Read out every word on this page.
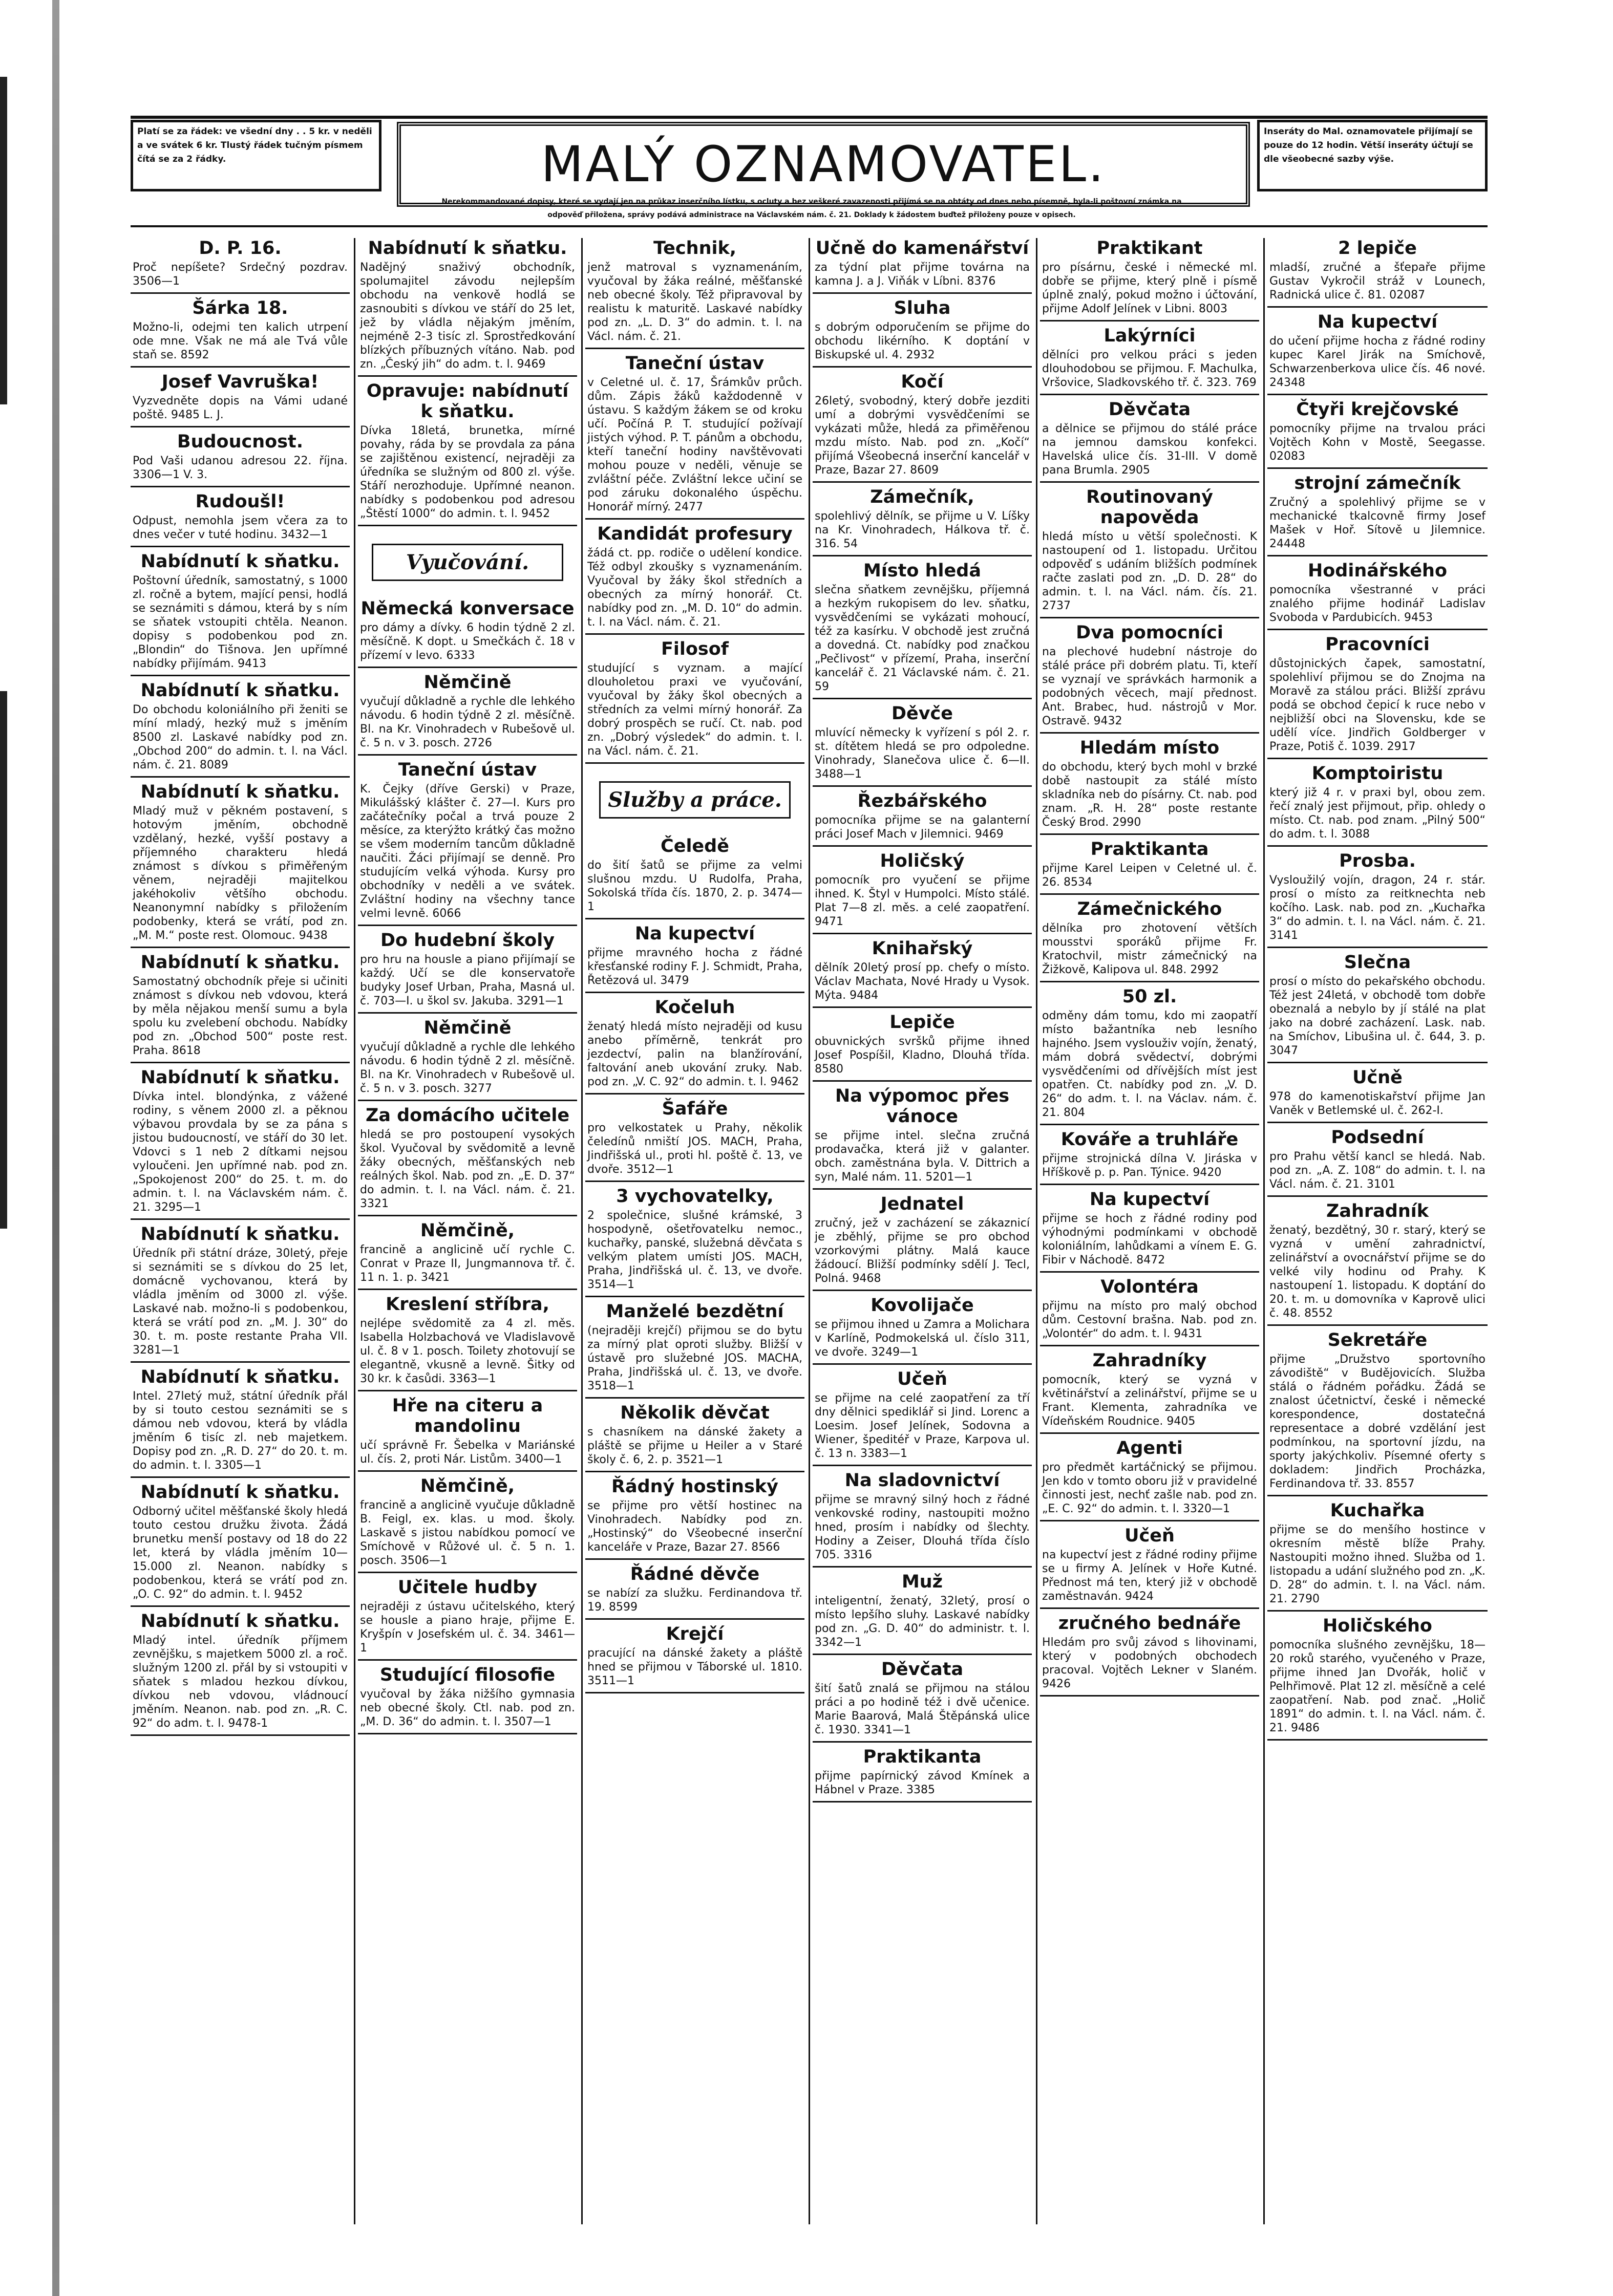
Platí se za řádek: ve všední dny . . 5 kr. v neděli a ve svátek 6 kr. Tlustý řádek tučným písmem čítá se za 2 řádky.	MALÝ OZNAMOVATEL.
Inseráty do Mal. oznamovatele přijímají se pouze do 12 hodin. Větší inseráty účtují se dle všeobecné sazby výše.
Nerekommandované dopisy, které se vydají jen na průkaz inserčního lístku, s ocluty a bez veškeré zavazenosti přijímá se na obtáty od dnes nebo písemně, byla-li poštovní známka na
odpověď přiložena, správy podává administrace na Václavském nám. č. 21. Doklady k žádostem buďtež přiloženy pouze v opisech.
D. P. 16.
Proč nepíšete? Srdečný pozdrav. 3506—1
Šárka 18.
Možno-li, odejmi ten kalich utrpení ode mne. Však ne má ale Tvá vůle staň se. 8592
Josef Vavruška!
Vyzvedněte dopis na Vámi udané poště. 9485 L. J.
Budoucnost.
Pod Vaši udanou adresou 22. října. 3306—1 V. 3.
Rudoušl!
Odpust, nemohla jsem včera za to dnes večer v tuté hodinu. 3432—1
Nabídnutí k sňatku.
Poštovní úředník, samostatný, s 1000 zl. ročně a bytem, mající pensi, hodlá se seznámiti s dámou, která by s ním se sňatek vstoupiti chtěla. Neanon. dopisy s podobenkou pod zn. „Blondin“ do Tišnova. Jen upřímné nabídky přijímám. 9413
Nabídnutí k sňatku.
Do obchodu koloniálního při ženiti se míní mladý, hezký muž s jměním 8500 zl. Laskavé nabídky pod zn. „Obchod 200“ do admin. t. l. na Václ. nám. č. 21. 8089
Nabídnutí k sňatku.
Mladý muž v pěkném postavení, s hotovým jměním, obchodně vzdělaný, hezké, vyšší postavy a příjemného charakteru hledá známost s dívkou s přiměřeným věnem, nejraději majitelkou jakéhokoliv většího obchodu. Neanonymní nabídky s přiložením podobenky, která se vrátí, pod zn. „M. M.“ poste rest. Olomouc. 9438
Nabídnutí k sňatku.
Samostatný obchodník přeje si učiniti známost s dívkou neb vdovou, která by měla nějakou menší sumu a byla spolu ku zvelebení obchodu. Nabídky pod zn. „Obchod 500“ poste rest. Praha. 8618
Nabídnutí k sňatku.
Dívka intel. blondýnka, z vážené rodiny, s věnem 2000 zl. a pěknou výbavou provdala by se za pána s jistou budoucností, ve stáří do 30 let. Vdovci s 1 neb 2 dítkami nejsou vyloučeni. Jen upřímné nab. pod zn. „Spokojenost 200“ do 25. t. m. do admin. t. l. na Václavském nám. č. 21. 3295—1
Nabídnutí k sňatku.
Úředník při státní dráze, 30letý, přeje si seznámiti se s dívkou do 25 let, domácně vychovanou, která by vládla jměním od 3000 zl. výše. Laskavé nab. možno-li s podobenkou, která se vrátí pod zn. „M. J. 30“ do 30. t. m. poste restante Praha VII. 3281—1
Nabídnutí k sňatku.
Intel. 27letý muž, státní úředník přál by si touto cestou seznámiti se s dámou neb vdovou, která by vládla jměním 6 tisíc zl. neb majetkem. Dopisy pod zn. „R. D. 27“ do 20. t. m. do admin. t. l. 3305—1
Nabídnutí k sňatku.
Odborný učitel měšťanské školy hledá touto cestou družku života. Žádá brunetku menší postavy od 18 do 22 let, která by vládla jměním 10—15.000 zl. Neanon. nabídky s podobenkou, která se vrátí pod zn. „O. C. 92“ do admin. t. l. 9452
Nabídnutí k sňatku.
Mladý intel. úředník příjmem zevnějšku, s majetkem 5000 zl. a roč. služným 1200 zl. přál by si vstoupiti v sňatek s mladou hezkou dívkou, dívkou neb vdovou, vládnoucí jměním. Neanon. nab. pod zn. „R. C. 92“ do adm. t. l. 9478-1
Nabídnutí k sňatku.
Nadějný snaživý obchodník, spolumajitel závodu nejlepším obchodu na venkově hodlá se zasnoubiti s dívkou ve stáří do 25 let, jež by vládla nějakým jměním, nejméně 2-3 tisíc zl. Sprostředkování blízkých příbuzných vítáno. Nab. pod zn. „Český jih“ do adm. t. l. 9469
Opravuje: nabídnutí k sňatku.
Dívka 18letá, brunetka, mírné povahy, ráda by se provdala za pána se zajištěnou existencí, nejraději za úředníka se služným od 800 zl. výše. Stáří nerozhoduje. Upřímné neanon. nabídky s podobenkou pod adresou „Štěstí 1000“ do admin. t. l. 9452
Vyučování.
Německá konversace
pro dámy a dívky. 6 hodin týdně 2 zl. měsíčně. K dopt. u Smečkách č. 18 v přízemí v levo. 6333
Němčině
vyučují důkladně a rychle dle lehkého návodu. 6 hodin týdně 2 zl. měsíčně. Bl. na Kr. Vinohradech v Rubešově ul. č. 5 n. v 3. posch. 2726
Taneční ústav
K. Čejky (dříve Gerski) v Praze, Mikulášský klášter č. 27—I. Kurs pro začátečníky počal a trvá pouze 2 měsíce, za kterýžto krátký čas možno se všem moderním tancům důkladně naučiti. Žáci přijímají se denně. Pro studujícím velká výhoda. Kursy pro obchodníky v neděli a ve svátek. Zvláštní hodiny na všechny tance velmi levně. 6066
Do hudební školy
pro hru na housle a piano přijímají se každý. Učí se dle konservatoře budyky Josef Urban, Praha, Masná ul. č. 703—I. u škol sv. Jakuba. 3291—1
Němčině
vyučují důkladně a rychle dle lehkého návodu. 6 hodin týdně 2 zl. měsíčně. Bl. na Kr. Vinohradech v Rubešově ul. č. 5 n. v 3. posch. 3277
Za domácího učitele
hledá se pro postoupení vysokých škol. Vyučoval by svědomitě a levně žáky obecných, měšťanských neb reálných škol. Nab. pod zn. „E. D. 37“ do admin. t. l. na Václ. nám. č. 21. 3321
Němčině,
francině a anglicině učí rychle C. Conrat v Praze II, Jungmannova tř. č. 11 n. 1. p. 3421
Kreslení stříbra,
nejlépe svědomitě za 4 zl. měs. Isabella Holzbachová ve Vladislavově ul. č. 8 v 1. posch. Toilety zhotovují se elegantně, vkusně a levně. Šitky od 30 kr. k časůdi. 3363—1
Hře na citeru a mandolinu
učí správně Fr. Šebelka v Mariánské ul. čís. 2, proti Nár. Listům. 3400—1
Němčině,
francině a anglicině vyučuje důkladně B. Feigl, ex. klas. u mod. školy. Laskavě s jistou nabídkou pomocí ve Smíchově v Růžové ul. č. 5 n. 1. posch. 3506—1
Učitele hudby
nejraději z ústavu učitelského, který se housle a piano hraje, přijme E. Kryšpín v Josefském ul. č. 34. 3461—1
Studující filosofie
vyučoval by žáka nižšího gymnasia neb obecné školy. Ctl. nab. pod zn. „M. D. 36“ do admin. t. l. 3507—1
Technik,
jenž matroval s vyznamenáním, vyučoval by žáka reálné, měšťanské neb obecné školy. Též připravoval by realistu k maturitě. Laskavé nabídky pod zn. „L. D. 3“ do admin. t. l. na Václ. nám. č. 21.
Taneční ústav
v Celetné ul. č. 17, Šrámkův průch. dům. Zápis žáků každodenně v ústavu. S každým žákem se od kroku učí. Počíná P. T. studující požívají jistých výhod. P. T. pánům a obchodu, kteří taneční hodiny navštěvovati mohou pouze v neděli, věnuje se zvláštní péče. Zvláštní lekce učiní se pod záruku dokonalého úspěchu. Honorář mírný. 2477
Kandidát profesury
žádá ct. pp. rodiče o udělení kondice. Též odbyl zkoušky s vyznamenáním. Vyučoval by žáky škol středních a obecných za mírný honorář. Ct. nabídky pod zn. „M. D. 10“ do admin. t. l. na Václ. nám. č. 21.
Filosof
studující s vyznam. a mající dlouholetou praxi ve vyučování, vyučoval by žáky škol obecných a středních za velmi mírný honorář. Za dobrý prospěch se ručí. Ct. nab. pod zn. „Dobrý výsledek“ do admin. t. l. na Václ. nám. č. 21.
Služby a práce.
Čeledě
do šití šatů se přijme za velmi slušnou mzdu. U Rudolfa, Praha, Sokolská třída čís. 1870, 2. p. 3474—1
Na kupectví
přijme mravného hocha z řádné křesťanské rodiny F. J. Schmidt, Praha, Řetězová ul. 3479
Kočeluh
ženatý hledá místo nejraději od kusu anebo příměrně, tenkrát pro jezdectví, palin na blanžírování, faltování aneb ukování zruky. Nab. pod zn. „V. C. 92“ do admin. t. l. 9462
Šafáře
pro velkostatek u Prahy, několik čeledínů nmiští JOS. MACH, Praha, Jindřišská ul., proti hl. poště č. 13, ve dvoře. 3512—1
3 vychovatelky,
2 společnice, slušné krámské, 3 hospodyně, ošetřovatelku nemoc., kuchařky, panské, služebná děvčata s velkým platem umísti JOS. MACH, Praha, Jindřišská ul. č. 13, ve dvoře. 3514—1
Manželé bezdětní
(nejraději krejčí) přijmou se do bytu za mírný plat oproti služby. Bližší v ústavě pro služebné JOS. MACHA, Praha, Jindřišská ul. č. 13, ve dvoře. 3518—1
Několik děvčat
s chasníkem na dánské žakety a pláště se přijme u Heiler a v Staré školy č. 6, 2. p. 3521—1
Řádný hostinský
se přijme pro větší hostinec na Vinohradech. Nabídky pod zn. „Hostinský“ do Všeobecné inserční kanceláře v Praze, Bazar 27. 8566
Řádné děvče
se nabízí za služku. Ferdinandova tř. 19. 8599
Krejčí
pracující na dánské žakety a pláště hned se přijmou v Táborské ul. 1810. 3511—1
Učně do kamenářství
za týdní plat přijme továrna na kamna J. a J. Viňák v Líbni. 8376
Sluha
s dobrým odporučením se přijme do obchodu likérního. K doptání v Biskupské ul. 4. 2932
Kočí
26letý, svobodný, který dobře jezditi umí a dobrými vysvědčeními se vykázati může, hledá za přiměřenou mzdu místo. Nab. pod zn. „Kočí“ přijímá Všeobecná inserční kancelář v Praze, Bazar 27. 8609
Zámečník,
spolehlivý dělník, se přijme u V. Líšky na Kr. Vinohradech, Hálkova tř. č. 316. 54
Místo hledá
slečna sňatkem zevnějšku, příjemná a hezkým rukopisem do lev. sňatku, vysvědčeními se vykázati mohoucí, též za kasírku. V obchodě jest zručná a dovedná. Ct. nabídky pod značkou „Pečlivost“ v přízemí, Praha, inserční kancelář č. 21 Václavské nám. č. 21. 59
Děvče
mluvící německy k vyřízení s pól 2. r. st. dítětem hledá se pro odpoledne. Vinohrady, Slanečova ulice č. 6—II. 3488—1
Řezbářského
pomocníka přijme se na galanterní práci Josef Mach v Jilemnici. 9469
Holičský
pomocník pro vyučení se přijme ihned. K. Štyl v Humpolci. Místo stálé. Plat 7—8 zl. měs. a celé zaopatření. 9471
Knihařský
dělník 20letý prosí pp. chefy o místo. Václav Machata, Nové Hrady u Vysok. Mýta. 9484
Lepiče
obuvnických svršků přijme ihned Josef Pospíšil, Kladno, Dlouhá třída. 8580
Na výpomoc přes vánoce
se přijme intel. slečna zručná prodavačka, která již v galanter. obch. zaměstnána byla. V. Dittrich a syn, Malé nám. 11. 5201—1
Jednatel
zručný, jež v zacházení se zákaznicí je zběhlý, přijme se pro obchod vzorkovými plátny. Malá kauce žádoucí. Bližší podmínky sdělí J. Tecl, Polná. 9468
Kovolijače
se přijmou ihned u Zamra a Molichara v Karlíně, Podmokelská ul. číslo 311, ve dvoře. 3249—1
Učeň
se přijme na celé zaopatření za tří dny dělnici spediklář si Jind. Lorenc a Loesim. Josef Jelínek, Sodovna a Wiener, špeditéř v Praze, Karpova ul. č. 13 n. 3383—1
Na sladovnictví
přijme se mravný silný hoch z řádné venkovské rodiny, nastoupiti možno hned, prosím i nabídky od šlechty. Hodiny a Zeiser, Dlouhá třída číslo 705. 3316
Muž
inteligentní, ženatý, 32letý, prosí o místo lepšího sluhy. Laskavé nabídky pod zn. „G. D. 40“ do administr. t. l. 3342—1
Děvčata
šití šatů znalá se přijmou na stálou práci a po hodině též i dvě učenice. Marie Baarová, Malá Štěpánská ulice č. 1930. 3341—1
Praktikanta
přijme papírnický závod Kmínek a Hábnel v Praze. 3385
Praktikant
pro písárnu, české i německé ml. dobře se přijme, který plně i písmě úplně znalý, pokud možno i účtování, přijme Adolf Jelínek v Libni. 8003
Lakýrníci
dělníci pro velkou práci s jeden dlouhodobou se přijmou. F. Machulka, Vršovice, Sladkovského tř. č. 323. 769
Děvčata
a dělnice se přijmou do stálé práce na jemnou damskou konfekci. Havelská ulice čís. 31-III. V domě pana Brumla. 2905
Routinovaný napověda
hledá místo u větší společnosti. K nastoupení od 1. listopadu. Určitou odpověď s udáním bližších podmínek račte zaslati pod zn. „D. D. 28“ do admin. t. l. na Václ. nám. čís. 21. 2737
Dva pomocníci
na plechové hudební nástroje do stálé práce při dobrém platu. Ti, kteří se vyznají ve správkách harmonik a podobných věcech, mají přednost. Ant. Brabec, hud. nástrojů v Mor. Ostravě. 9432
Hledám místo
do obchodu, který bych mohl v brzké době nastoupit za stálé místo skladníka neb do písárny. Ct. nab. pod znam. „R. H. 28“ poste restante Český Brod. 2990
Praktikanta
přijme Karel Leipen v Celetné ul. č. 26. 8534
Zámečnického
dělníka pro zhotovení větších mousstvi sporáků přijme Fr. Kratochvil, mistr zámečnický na Žižkově, Kalipova ul. 848. 2992
50 zl.
odměny dám tomu, kdo mi zaopatří místo bažantníka neb lesního hajného. Jsem vyslouživ vojín, ženatý, mám dobrá svědectví, dobrými vysvědčeními od dřívějších míst jest opatřen. Ct. nabídky pod zn. „V. D. 26“ do adm. t. l. na Václav. nám. č. 21. 804
Kováře a truhláře
přijme strojnická dílna V. Jiráska v Hříškově p. p. Pan. Týnice. 9420
Na kupectví
přijme se hoch z řádné rodiny pod výhodnými podmínkami v obchodě koloniálním, lahůdkami a vínem E. G. Fibir v Náchodě. 8472
Volontéra
přijmu na místo pro malý obchod dům. Cestovní brašna. Nab. pod zn. „Volontér“ do adm. t. l. 9431
Zahradníky
pomocník, který se vyzná v květinářství a zelinářství, přijme se u Frant. Klementa, zahradníka ve Vídeňském Roudnice. 9405
Agenti
pro předmět kartáčnický se přijmou. Jen kdo v tomto oboru již v pravidelné činnosti jest, nechť zašle nab. pod zn. „E. C. 92“ do admin. t. l. 3320—1
Učeň
na kupectví jest z řádné rodiny přijme se u firmy A. Jelínek v Hoře Kutné. Přednost má ten, který již v obchodě zaměstnaván. 9424
zručného bednáře
Hledám pro svůj závod s lihovinami, který v podobných obchodech pracoval. Vojtěch Lekner v Slaném. 9426
2 lepiče
mladší, zručné a šťepaře přijme Gustav Vykročil stráž v Lounech, Radnická ulice č. 81. 02087
Na kupectví
do učení přijme hocha z řádné rodiny kupec Karel Jirák na Smíchově, Schwarzenberkova ulice čís. 46 nové. 24348
Čtyři krejčovské
pomocníky přijme na trvalou práci Vojtěch Kohn v Mostě, Seegasse. 02083
strojní zámečník
Zručný a spolehlivý přijme se v mechanické tkalcovně firmy Josef Mašek v Hoř. Sítově u Jilemnice. 24448
Hodinářského
pomocníka všestranné v práci znalého přijme hodinář Ladislav Svoboda v Pardubicích. 9453
Pracovníci
důstojnických čapek, samostatní, spolehliví přijmou se do Znojma na Moravě za stálou práci. Bližší zprávu podá se obchod čepicí k ruce nebo v nejbližší obci na Slovensku, kde se udělí více. Jindřich Goldberger v Praze, Potiš č. 1039. 2917
Komptoiristu
který již 4 r. v praxi byl, obou zem. řečí znalý jest přijmout, přip. ohledy o místo. Ct. nab. pod znam. „Pilný 500“ do adm. t. l. 3088
Prosba.
Vysloužilý vojín, dragon, 24 r. stár. prosí o místo za reitknechta neb kočího. Lask. nab. pod zn. „Kuchařka 3“ do admin. t. l. na Václ. nám. č. 21. 3141
Slečna
prosí o místo do pekařského obchodu. Též jest 24letá, v obchodě tom dobře obeznalá a nebylo by jí stálé na plat jako na dobré zacházení. Lask. nab. na Smíchov, Libušina ul. č. 644, 3. p. 3047
Učně
978 do kamenotiskařství přijme Jan Vaněk v Betlemské ul. č. 262-I.
Podsední
pro Prahu větší kancl se hledá. Nab. pod zn. „A. Z. 108“ do admin. t. l. na Václ. nám. č. 21. 3101
Zahradník
ženatý, bezdětný, 30 r. starý, který se vyzná v umění zahradnictví, zelinářství a ovocnářství přijme se do velké vily hodinu od Prahy. K nastoupení 1. listopadu. K doptání do 20. t. m. u domovníka v Kaprově ulici č. 48. 8552
Sekretáře
přijme „Družstvo sportovního závodiště“ v Budějovicích. Služba stálá o řádném pořádku. Žádá se znalost účetnictví, české i německé korespondence, dostatečná representace a dobré vzdělání jest podmínkou, na sportovní jízdu, na sporty jakýchkoliv. Písemné oferty s dokladem: Jindřich Procházka, Ferdinandova tř. 33. 8557
Kuchařka
přijme se do menšího hostince v okresním městě blíže Prahy. Nastoupiti možno ihned. Služba od 1. listopadu a udání služného pod zn. „K. D. 28“ do admin. t. l. na Václ. nám. 21. 2790
Holičského
pomocníka slušného zevnějšku, 18—20 roků starého, vyučeného v Praze, přijme ihned Jan Dvořák, holič v Pelhřimově. Plat 12 zl. měsíčně a celé zaopatření. Nab. pod znač. „Holič 1891“ do admin. t. l. na Václ. nám. č. 21. 9486
